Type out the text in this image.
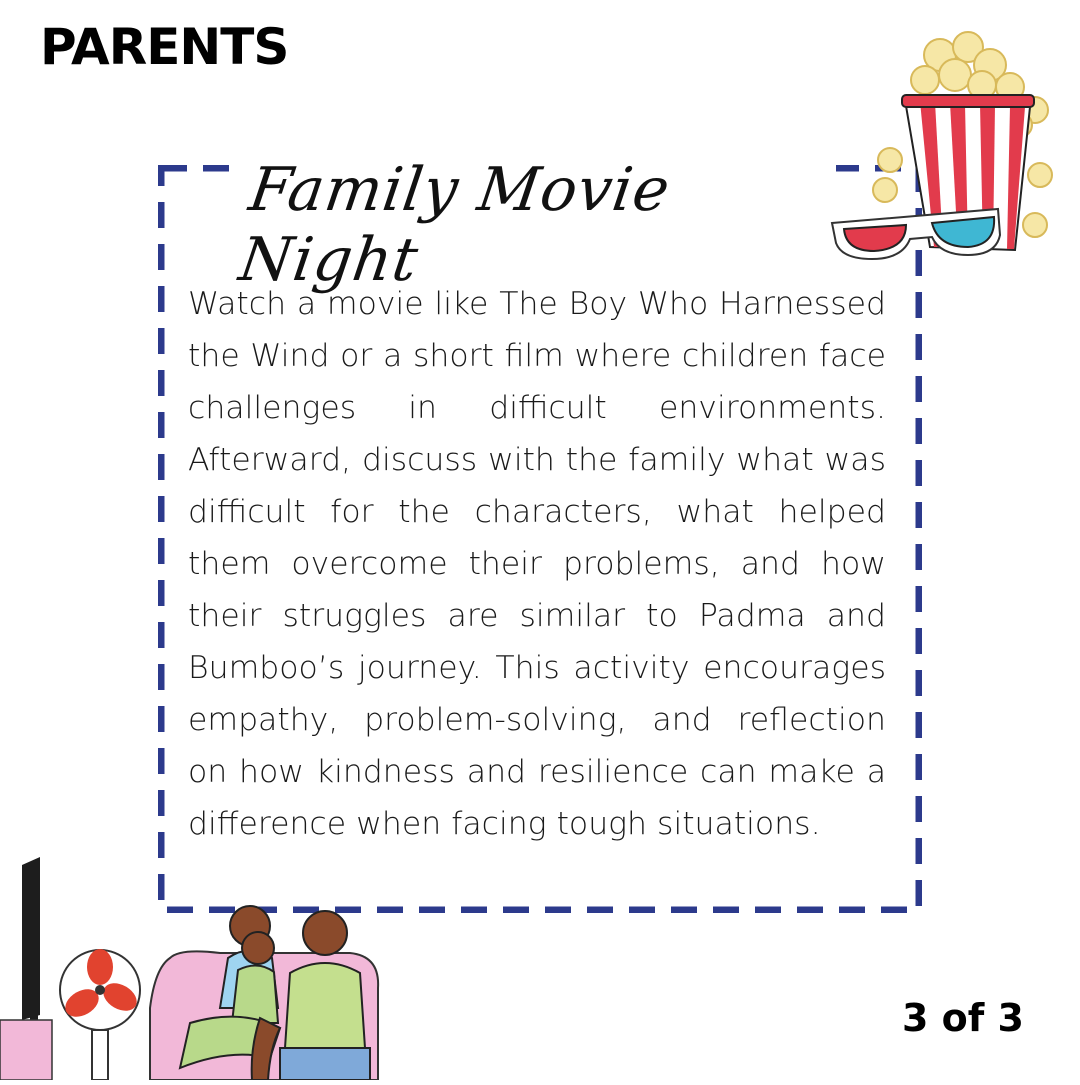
PARENTS
Family Movie Night

Watch a movie like The Boy Who Harnessed the Wind or a short film where children face challenges in difficult environments. Afterward, discuss with the family what was difficult for the characters, what helped them overcome their problems, and how their struggles are similar to Padma and Bumboo’s journey. This activity encourages empathy, problem-solving, and reflection on how kindness and resilience can make a difference when facing tough situations.

3 of 3
